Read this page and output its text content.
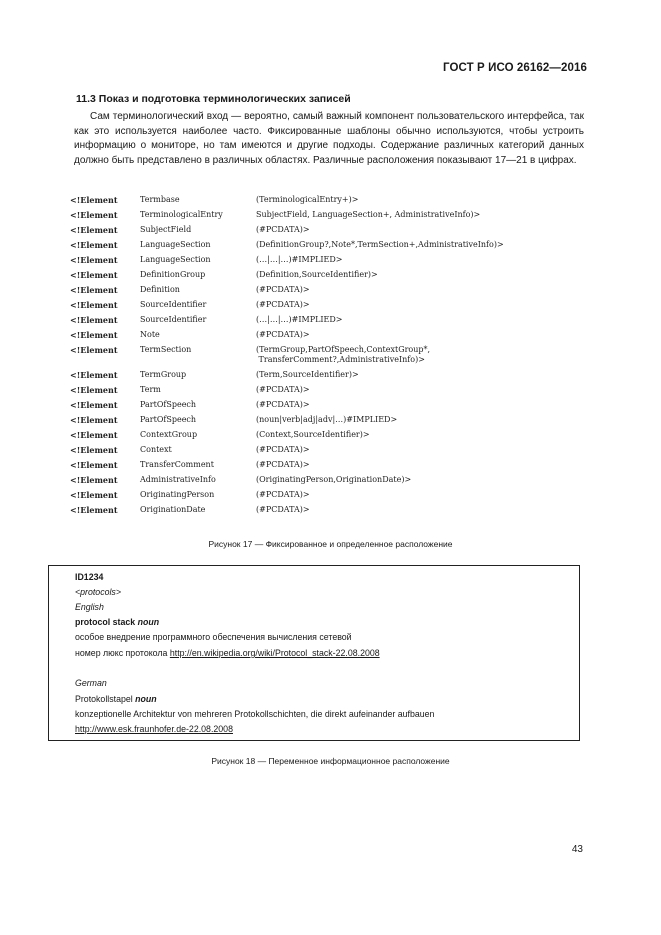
ГОСТ Р ИСО 26162—2016
11.3 Показ и подготовка терминологических записей

Сам терминологический вход — вероятно, самый важный компонент пользовательского интерфейса, так как это используется наиболее часто. Фиксированные шаблоны обычно используются, чтобы устроить информацию о мониторе, но там имеются и другие подходы. Содержание различных категорий данных должно быть представлено в различных областях. Различные расположения показывают 17—21 в цифрах.

<!Element	Termbase	(TerminologicalEntry+)>
<!Element	TerminologicalEntry	SubjectField, LanguageSection+, AdministrativeInfo)>
<!Element	SubjectField	(#PCDATA)>
<!Element	LanguageSection	(DefinitionGroup?,Note*,TermSection+,AdministrativeInfo)>
<!Element	LanguageSection	(…|…|…)#IMPLIED>
<!Element	DefinitionGroup	(Definition,SourceIdentifier)>
<!Element	Definition	(#PCDATA)>
<!Element	SourceIdentifier	(#PCDATA)>
<!Element	SourceIdentifier	(…|…|…)#IMPLIED>
<!Element	Note	(#PCDATA)>
<!Element	TermSection	(TermGroup,PartOfSpeech,ContextGroup*,
TransferComment?,AdministrativeInfo)>
<!Element	TermGroup	(Term,SourceIdentifier)>
<!Element	Term	(#PCDATA)>
<!Element	PartOfSpeech	(#PCDATA)>
<!Element	PartOfSpeech	(noun|verb|adj|adv|…)#IMPLIED>
<!Element	ContextGroup	(Context,SourceIdentifier)>
<!Element	Context	(#PCDATA)>
<!Element	TransferComment	(#PCDATA)>
<!Element	AdministrativeInfo	(OriginatingPerson,OriginationDate)>
<!Element	OriginatingPerson	(#PCDATA)>
<!Element	OriginationDate	(#PCDATA)>
Рисунок 17 — Фиксированное и определенное расположение
ID1234
<protocols>
English
protocol stack noun
особое внедрение программного обеспечения вычисления сетевой
номер люкс протокола http://en.wikipedia.org/wiki/Protocol_stack-22.08.2008
German
Protokollstapel noun
konzeptionelle Architektur von mehreren Protokollschichten, die direkt aufeinander aufbauen
http://www.esk.fraunhofer.de-22.08.2008
Рисунок 18 — Переменное информационное расположение
43
